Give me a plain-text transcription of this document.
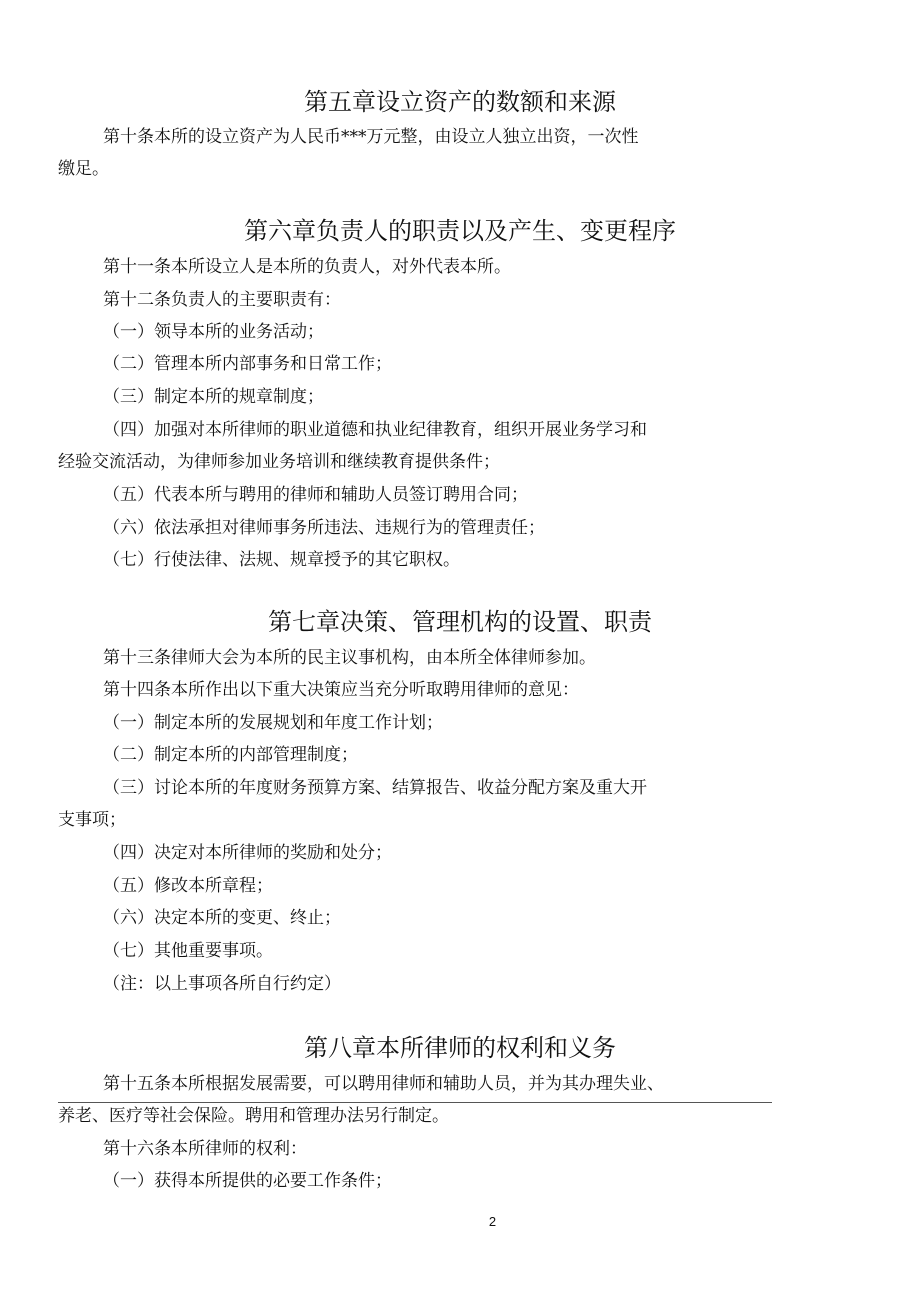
第五章设立资产的数额和来源
第十条本所的设立资产为人民币***万元整，由设立人独立出资，一次性
缴足。
第六章负责人的职责以及产生、变更程序
第十一条本所设立人是本所的负责人，对外代表本所。
第十二条负责人的主要职责有：
（一）领导本所的业务活动；
（二）管理本所内部事务和日常工作；
（三）制定本所的规章制度；
（四）加强对本所律师的职业道德和执业纪律教育，组织开展业务学习和
经验交流活动，为律师参加业务培训和继续教育提供条件；
（五）代表本所与聘用的律师和辅助人员签订聘用合同；
（六）依法承担对律师事务所违法、违规行为的管理责任；
（七）行使法律、法规、规章授予的其它职权。
第七章决策、管理机构的设置、职责
第十三条律师大会为本所的民主议事机构，由本所全体律师参加。
第十四条本所作出以下重大决策应当充分听取聘用律师的意见：
（一）制定本所的发展规划和年度工作计划；
（二）制定本所的内部管理制度；
（三）讨论本所的年度财务预算方案、结算报告、收益分配方案及重大开
支事项；
（四）决定对本所律师的奖励和处分；
（五）修改本所章程；
（六）决定本所的变更、终止；
（七）其他重要事项。
（注：以上事项各所自行约定）
第八章本所律师的权利和义务
第十五条本所根据发展需要，可以聘用律师和辅助人员，并为其办理失业、
养老、医疗等社会保险。聘用和管理办法另行制定。
第十六条本所律师的权利：
（一）获得本所提供的必要工作条件；
2
